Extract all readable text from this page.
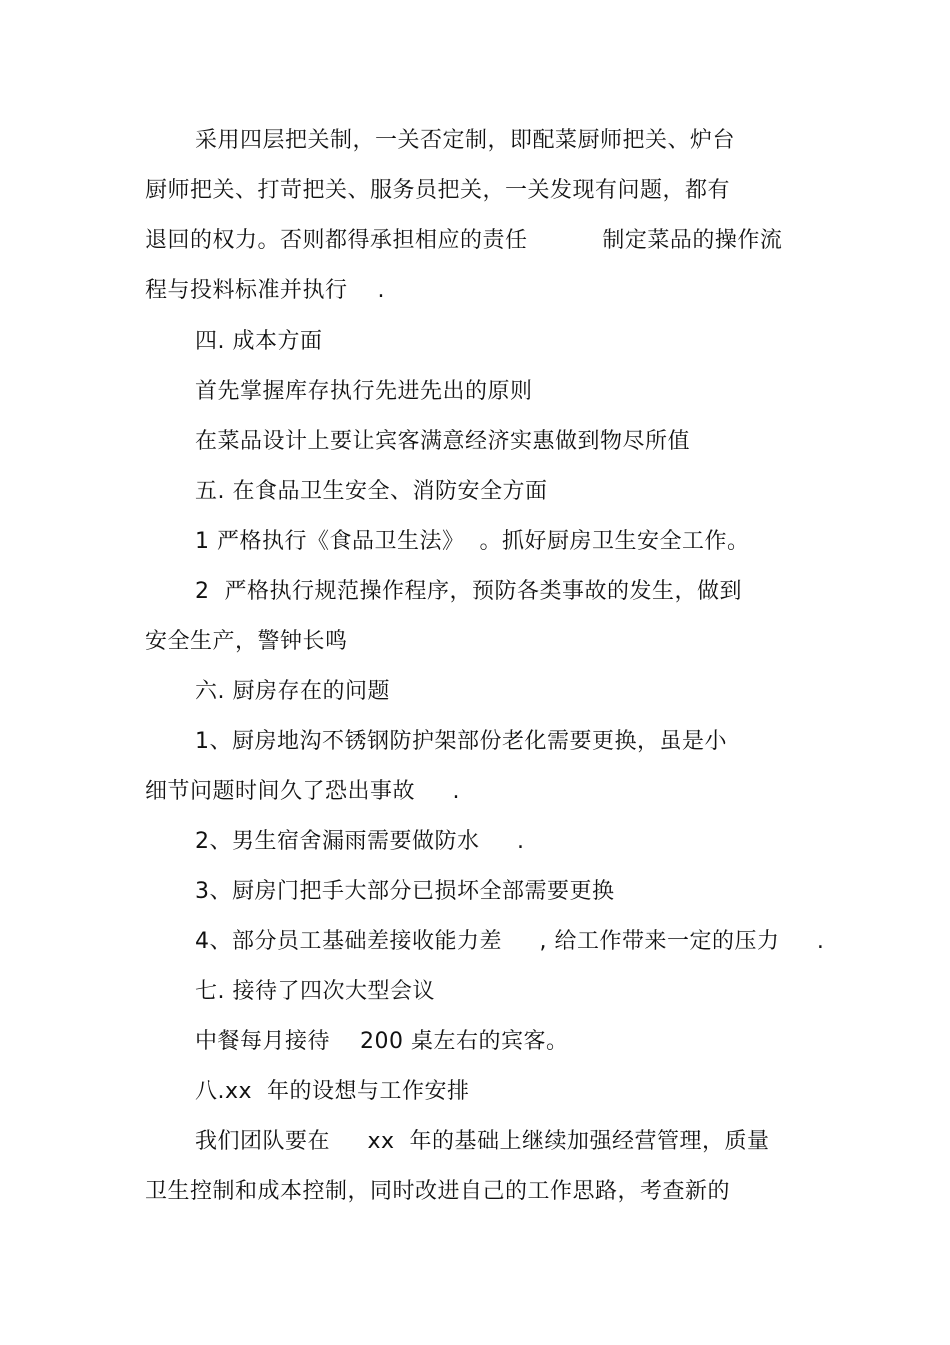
采用四层把关制，一关否定制，即配菜厨师把关、炉台
厨师把关、打苛把关、服务员把关，一关发现有问题，都有
退回的权力。否则都得承担相应的责任          制定菜品的操作流
程与投料标准并执行    .
四. 成本方面
首先掌握库存执行先进先出的原则
在菜品设计上要让宾客满意经济实惠做到物尽所值
五. 在食品卫生安全、消防安全方面
1 严格执行《食品卫生法》  。抓好厨房卫生安全工作。
2  严格执行规范操作程序，预防各类事故的发生，做到
安全生产，警钟长鸣
六. 厨房存在的问题
1、厨房地沟不锈钢防护架部份老化需要更换，虽是小
细节问题时间久了恐出事故     .
2、男生宿舍漏雨需要做防水     .
3、厨房门把手大部分已损坏全部需要更换
4、部分员工基础差接收能力差     , 给工作带来一定的压力     .
七. 接待了四次大型会议
中餐每月接待    200 桌左右的宾客。
八.xx  年的设想与工作安排
我们团队要在     xx  年的基础上继续加强经营管理，质量
卫生控制和成本控制，同时改进自己的工作思路，考查新的
